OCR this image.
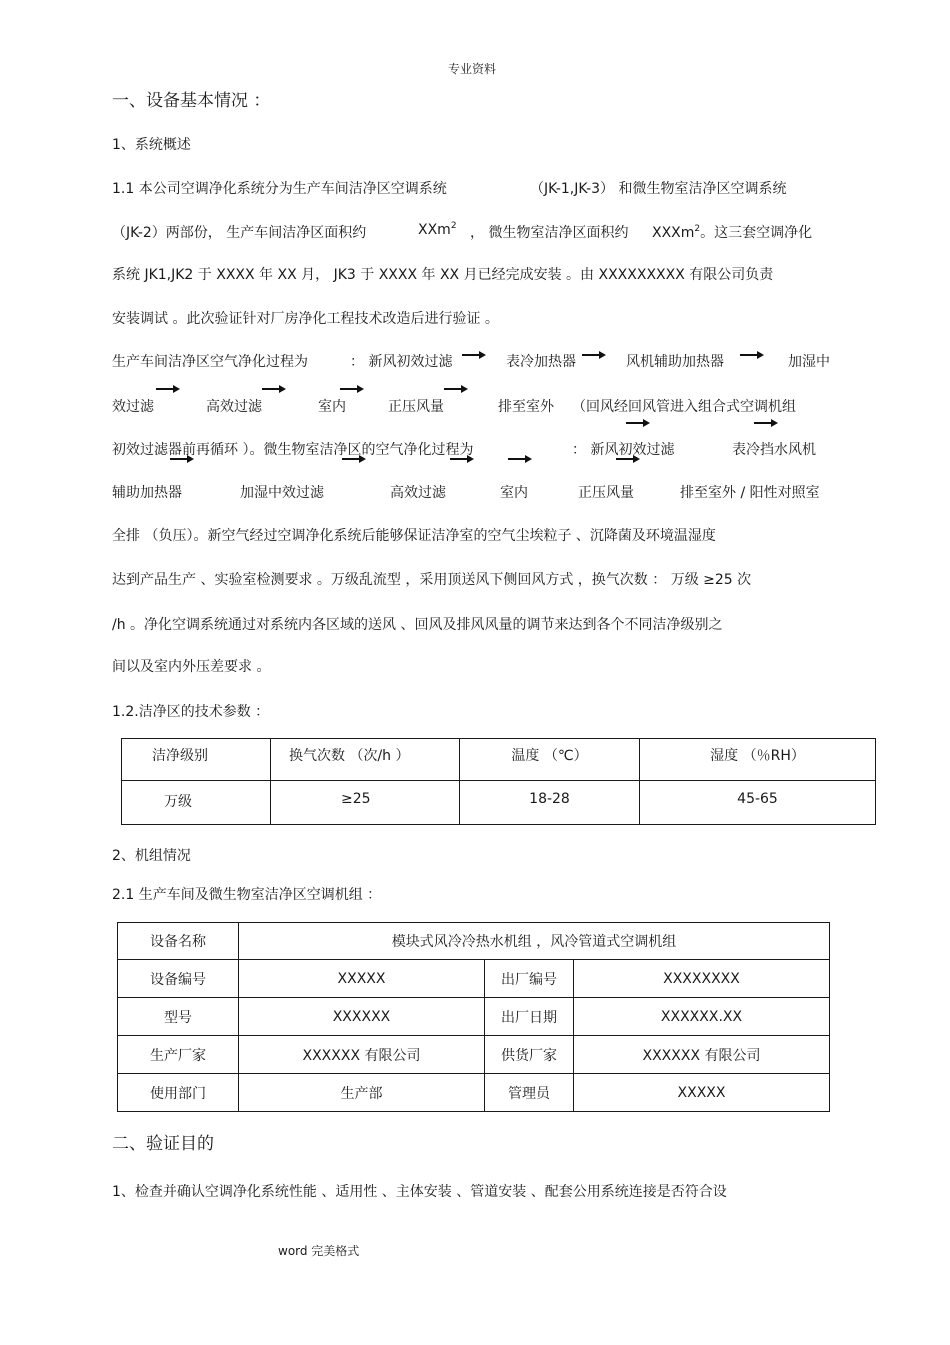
专业资料
word 完美格式
一、设备基本情况 ：
1、系统概述
1.1 本公司空调净化系统分为生产车间洁净区空调系统	（JK-1,JK-3） 和微生物室洁净区空调系统
（JK-2）两部份， 生产车间洁净区面积约	XXm$^2$ ， 微生物室洁净区面积约 XXXm$^2$。这三套空调净化
系统 JK1,JK2 于 XXXX 年 XX 月， JK3 于 XXXX 年 XX 月已经完成安装 。由 XXXXXXXXX 有限公司负责
安装调试 。此次验证针对厂房净化工程技术改造后进行验证 。
生产车间洁净区空气净化过程为	： 新风初效过滤	表冷加热器	风机辅助加热器	加湿中
效过滤	高效过滤	室内	正压风量	排至室外 （回风经回风管进入组合式空调机组
初效过滤器前再循环 ）。微生物室洁净区的空气净化过程为	： 新风初效过滤	表冷挡水风机
辅助加热器	加湿中效过滤	高效过滤	室内	正压风量	排至室外 / 阳性对照室
全排 （负压）。新空气经过空调净化系统后能够保证洁净室的空气尘埃粒子 、沉降菌及环境温湿度
达到产品生产 、实验室检测要求 。万级乱流型 ，采用顶送风下侧回风方式 ，换气次数 ： 万级 ≥25 次
/h 。净化空调系统通过对系统内各区域的送风 、回风及排风风量的调节来达到各个不同洁净级别之
间以及室内外压差要求 。
1.2.洁净区的技术参数 ：
洁净级别	换气次数 （次/h ）	温度 （℃）	湿度 （％RH）
万级	≥25	18-28	45-65
2、机组情况
2.1 生产车间及微生物室洁净区空调机组 ：
设备名称	模块式风冷冷热水机组 ，风冷管道式空调机组		
设备编号	XXXXX	出厂编号	XXXXXXXX
型号	XXXXXX	出厂日期	XXXXXX.XX
生产厂家	XXXXXX 有限公司	供货厂家	XXXXXX 有限公司
使用部门	生产部	管理员	XXXXX
二、验证目的
1、检查并确认空调净化系统性能 、适用性 、主体安装 、管道安装 、配套公用系统连接是否符合设
